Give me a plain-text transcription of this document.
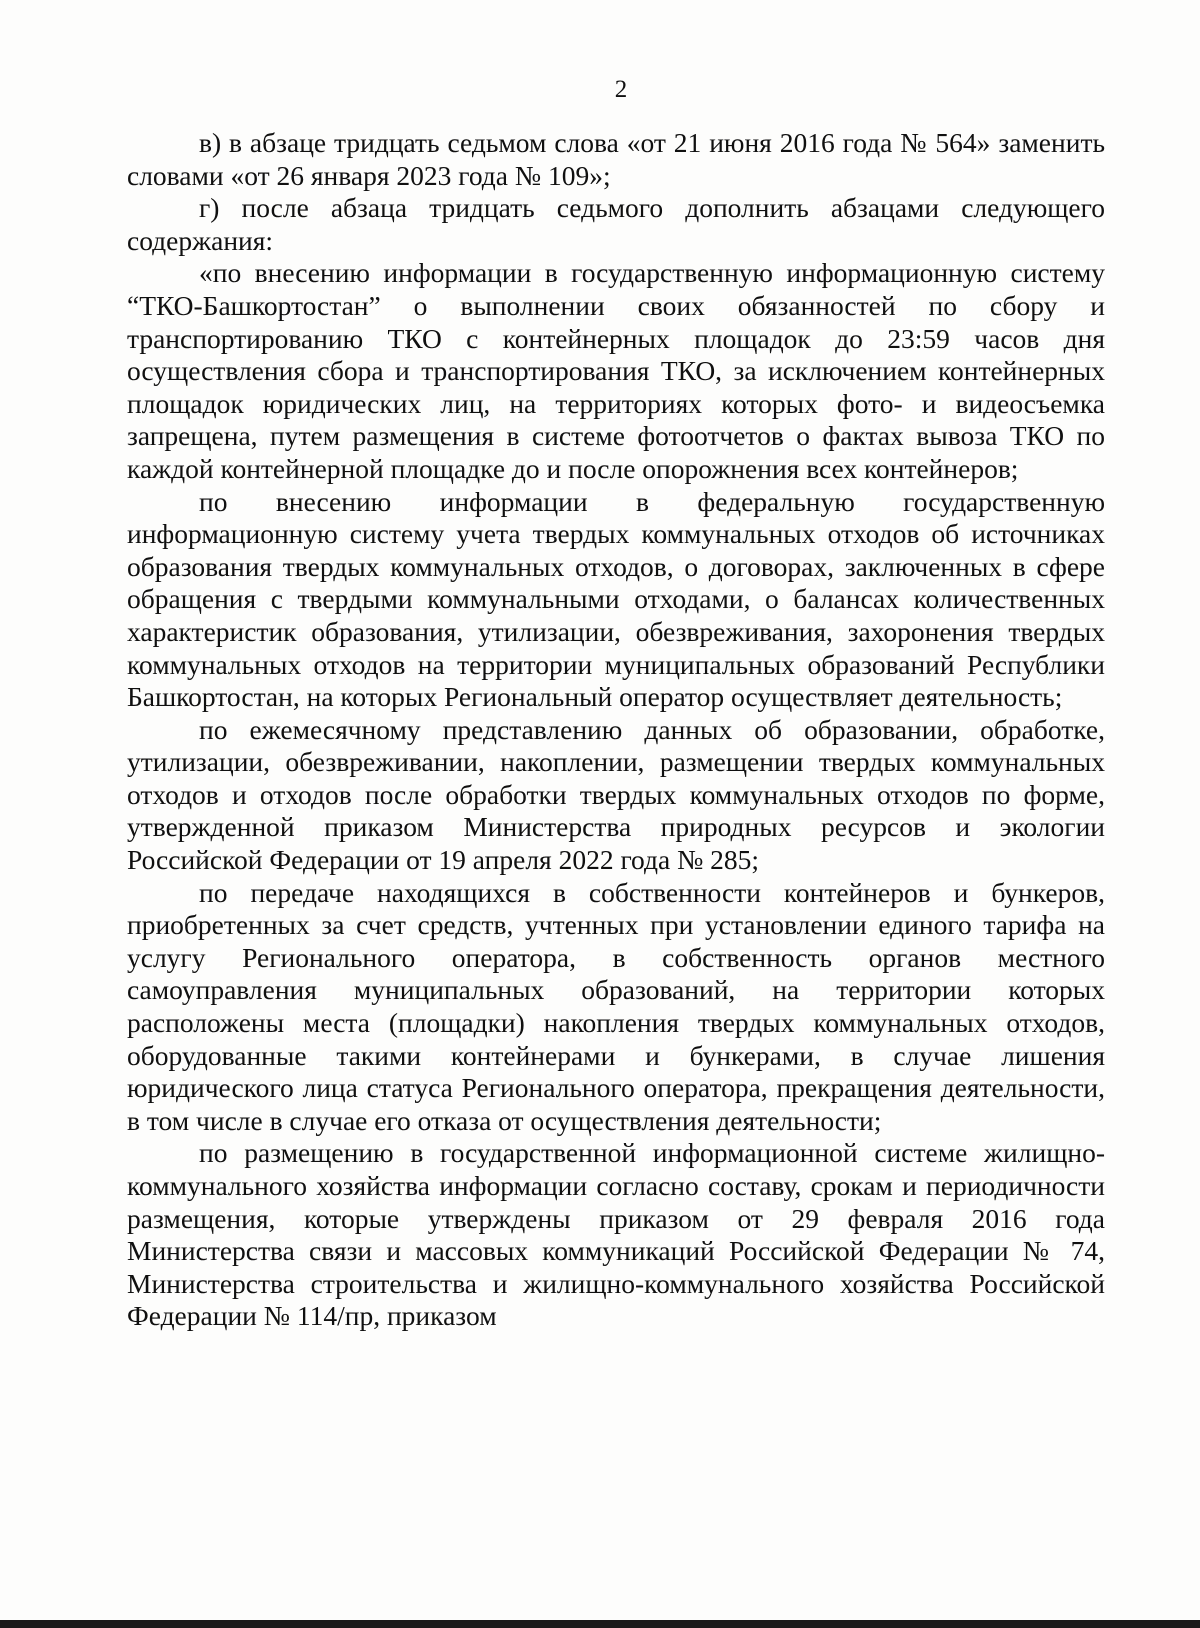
2

в) в абзаце тридцать седьмом слова «от 21 июня 2016 года № 564» заменить словами «от 26 января 2023 года № 109»;

г) после абзаца тридцать седьмого дополнить абзацами следующего содержания:

«по внесению информации в государственную информационную систему “ТКО-Башкортостан” о выполнении своих обязанностей по сбору и транспортированию ТКО с контейнерных площадок до 23:59 часов дня осуществления сбора и транспортирования ТКО, за исключением контейнерных площадок юридических лиц, на территориях которых фото- и видеосъемка запрещена, путем размещения в системе фотоотчетов о фактах вывоза ТКО по каждой контейнерной площадке до и после опорожнения всех контейнеров;

по внесению информации в федеральную государственную информационную систему учета твердых коммунальных отходов об источниках образования твердых коммунальных отходов, о договорах, заключенных в сфере обращения с твердыми коммунальными отходами, о балансах количественных характеристик образования, утилизации, обезвреживания, захоронения твердых коммунальных отходов на территории муниципальных образований Республики Башкортостан, на которых Региональный оператор осуществляет деятельность;

по ежемесячному представлению данных об образовании, обработке, утилизации, обезвреживании, накоплении, размещении твердых коммунальных отходов и отходов после обработки твердых коммунальных отходов по форме, утвержденной приказом Министерства природных ресурсов и экологии Российской Федерации от 19 апреля 2022 года № 285;

по передаче находящихся в собственности контейнеров и бункеров, приобретенных за счет средств, учтенных при установлении единого тарифа на услугу Регионального оператора, в собственность органов местного самоуправления муниципальных образований, на территории которых расположены места (площадки) накопления твердых коммунальных отходов, оборудованные такими контейнерами и бункерами, в случае лишения юридического лица статуса Регионального оператора, прекращения деятельности, в том числе в случае его отказа от осуществления деятельности;

по размещению в государственной информационной системе жилищно-коммунального хозяйства информации согласно составу, срокам и периодичности размещения, которые утверждены приказом от 29 февраля 2016 года Министерства связи и массовых коммуникаций Российской Федерации № 74, Министерства строительства и жилищно-коммунального хозяйства Российской Федерации № 114/пр, приказом
